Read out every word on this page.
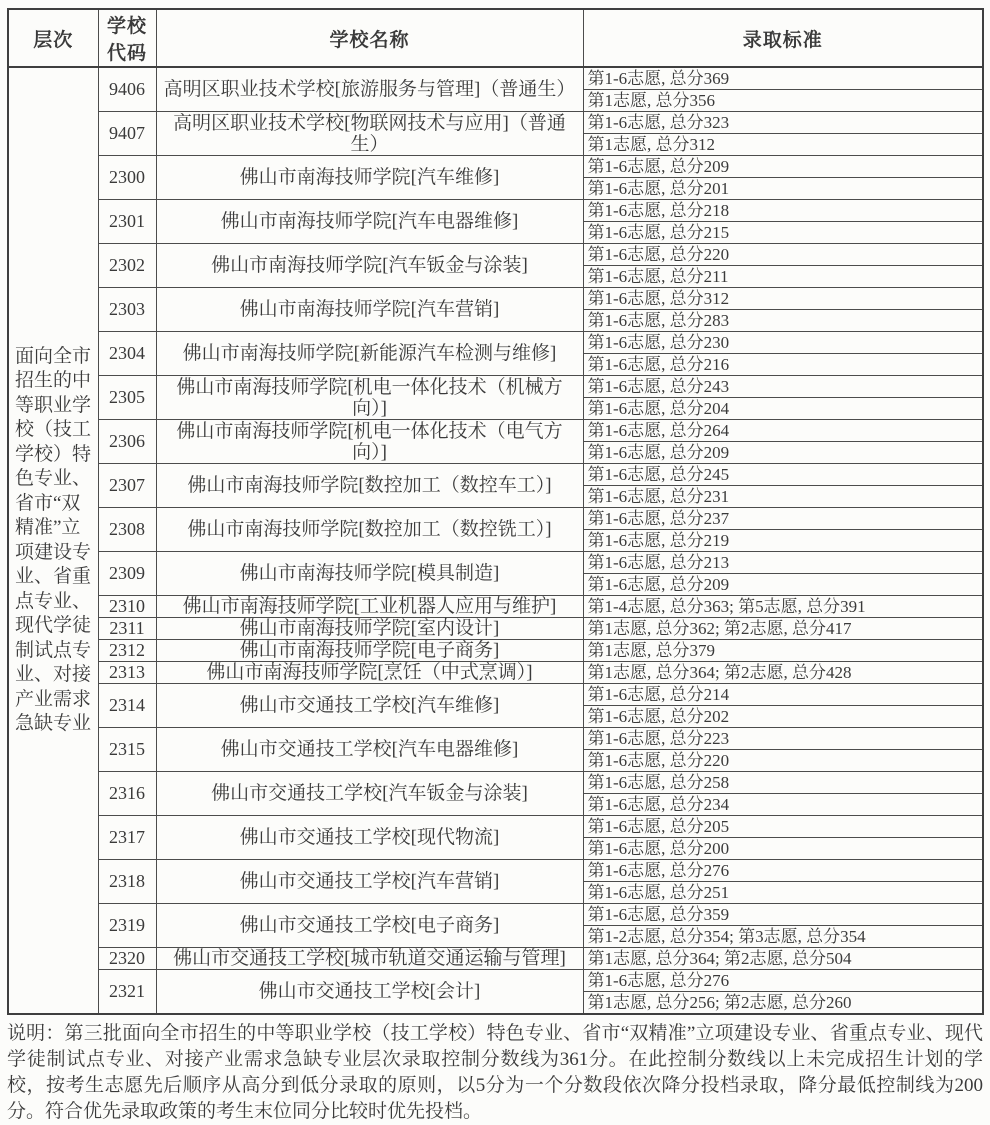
层次	学校代码	学校名称	录取标准
面向全市招生的中等职业学校（技工学校）特色专业、省市“双精准”立项建设专业、省重点专业、现代学徒制试点专业、对接产业需求急缺专业	9406	高明区职业技术学校[旅游服务与管理]（普通生）	第1-6志愿, 总分369
第1志愿, 总分356

	9407	高明区职业技术学校[物联网技术与应用]（普通生）	第1-6志愿, 总分323
第1志愿, 总分312

	2300	佛山市南海技师学院[汽车维修]	第1-6志愿, 总分209
第1-6志愿, 总分201

	2301	佛山市南海技师学院[汽车电器维修]	第1-6志愿, 总分218
第1-6志愿, 总分215

	2302	佛山市南海技师学院[汽车钣金与涂装]	第1-6志愿, 总分220
第1-6志愿, 总分211

	2303	佛山市南海技师学院[汽车营销]	第1-6志愿, 总分312
第1-6志愿, 总分283

	2304	佛山市南海技师学院[新能源汽车检测与维修]	第1-6志愿, 总分230
第1-6志愿, 总分216

	2305	佛山市南海技师学院[机电一体化技术（机械方向）]	第1-6志愿, 总分243
第1-6志愿, 总分204

	2306	佛山市南海技师学院[机电一体化技术（电气方向）]	第1-6志愿, 总分264
第1-6志愿, 总分209

	2307	佛山市南海技师学院[数控加工（数控车工）]	第1-6志愿, 总分245
第1-6志愿, 总分231

	2308	佛山市南海技师学院[数控加工（数控铣工）]	第1-6志愿, 总分237
第1-6志愿, 总分219

	2309	佛山市南海技师学院[模具制造]	第1-6志愿, 总分213
第1-6志愿, 总分209

	2310	佛山市南海技师学院[工业机器人应用与维护]	第1-4志愿, 总分363; 第5志愿, 总分391

	2311	佛山市南海技师学院[室内设计]	第1志愿, 总分362; 第2志愿, 总分417

	2312	佛山市南海技师学院[电子商务]	第1志愿, 总分379

	2313	佛山市南海技师学院[烹饪（中式烹调）]	第1志愿, 总分364; 第2志愿, 总分428

	2314	佛山市交通技工学校[汽车维修]	第1-6志愿, 总分214
第1-6志愿, 总分202

	2315	佛山市交通技工学校[汽车电器维修]	第1-6志愿, 总分223
第1-6志愿, 总分220

	2316	佛山市交通技工学校[汽车钣金与涂装]	第1-6志愿, 总分258
第1-6志愿, 总分234

	2317	佛山市交通技工学校[现代物流]	第1-6志愿, 总分205
第1-6志愿, 总分200

	2318	佛山市交通技工学校[汽车营销]	第1-6志愿, 总分276
第1-6志愿, 总分251

	2319	佛山市交通技工学校[电子商务]	第1-6志愿, 总分359
第1-2志愿, 总分354; 第3志愿, 总分354

	2320	佛山市交通技工学校[城市轨道交通运输与管理]	第1志愿, 总分364; 第2志愿, 总分504

	2321	佛山市交通技工学校[会计]	第1-6志愿, 总分276
第1志愿, 总分256; 第2志愿, 总分260

说明：第三批面向全市招生的中等职业学校（技工学校）特色专业、省市“双精准”立项建设专业、省重点专业、现代学徒制试点专业、对接产业需求急缺专业层次录取控制分数线为361分。在此控制分数线以上未完成招生计划的学校，按考生志愿先后顺序从高分到低分录取的原则，以5分为一个分数段依次降分投档录取，降分最低控制线为200分。符合优先录取政策的考生末位同分比较时优先投档。
